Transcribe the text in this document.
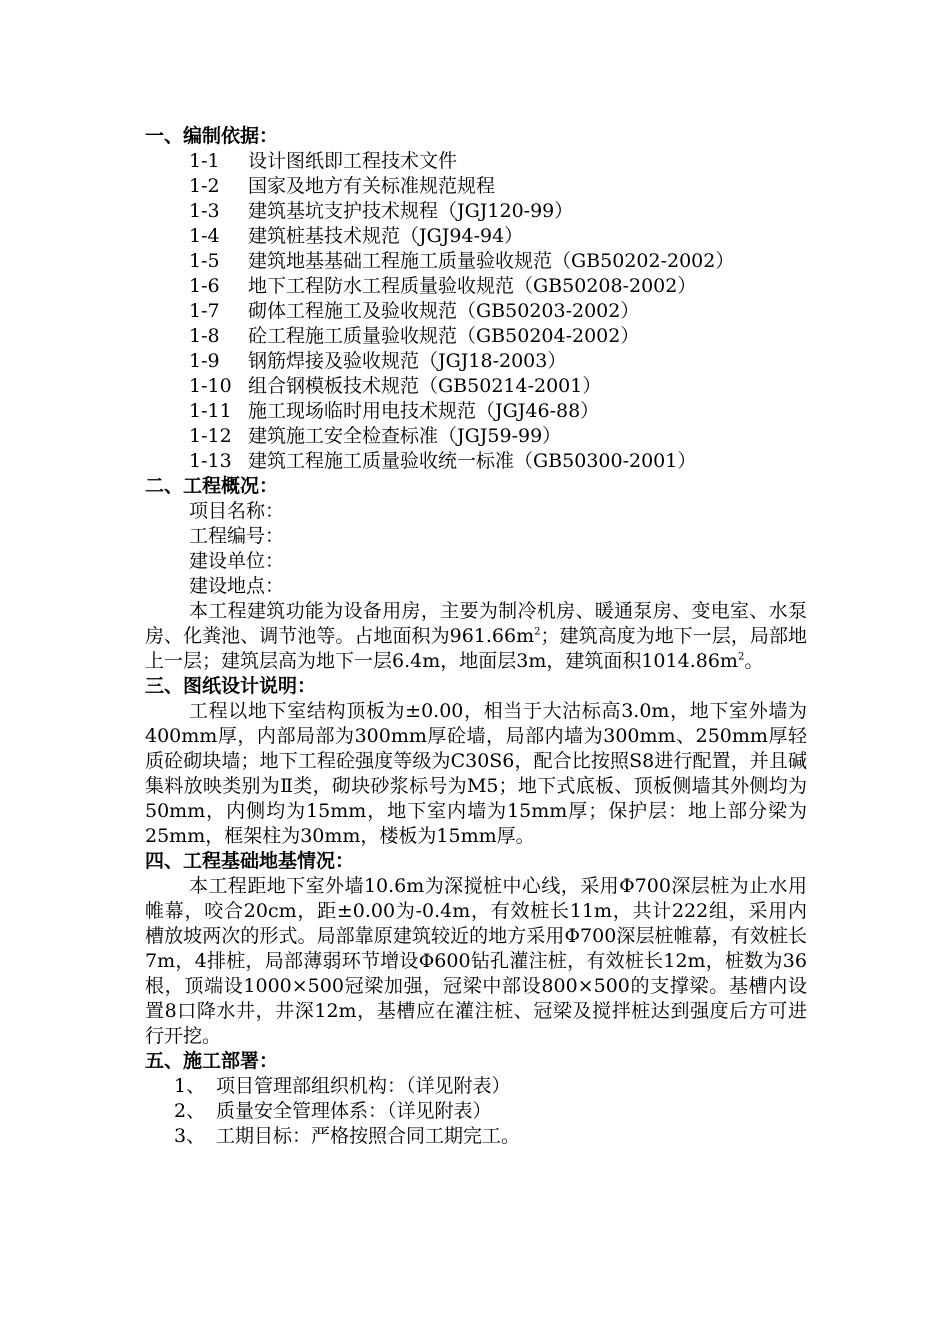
一、编制依据：
1-1 设计图纸即工程技术文件
1-2 国家及地方有关标准规范规程
1-3 建筑基坑支护技术规程（JGJ120-99）
1-4 建筑桩基技术规范（JGJ94-94）
1-5 建筑地基基础工程施工质量验收规范（GB50202-2002）
1-6 地下工程防水工程质量验收规范（GB50208-2002）
1-7 砌体工程施工及验收规范（GB50203-2002）
1-8 砼工程施工质量验收规范（GB50204-2002）
1-9 钢筋焊接及验收规范（JGJ18-2003）
1-10 组合钢模板技术规范（GB50214-2001）
1-11 施工现场临时用电技术规范（JGJ46-88）
1-12 建筑施工安全检查标准（JGJ59-99）
1-13 建筑工程施工质量验收统一标准（GB50300-2001）
二、工程概况：
项目名称：
工程编号：
建设单位：
建设地点：

本工程建筑功能为设备用房，主要为制冷机房、暖通泵房、变电室、水泵房、化粪池、调节池等。占地面积为$961.66m^2$；建筑高度为地下一层，局部地上一层；建筑层高为地下一层6.4m，地面层3m，建筑面积$1014.86m^2$。

三、图纸设计说明：

工程以地下室结构顶板为±0.00，相当于大沽标高3.0m，地下室外墙为400mm厚，内部局部为300mm厚砼墙，局部内墙为300mm、250mm厚轻质砼砌块墙；地下工程砼强度等级为C30S6，配合比按照S8进行配置，并且碱集料放映类别为Ⅱ类，砌块砂浆标号为M5；地下式底板、顶板侧墙其外侧均为50mm，内侧均为15mm，地下室内墙为15mm厚；保护层：地上部分梁为25mm，框架柱为30mm，楼板为15mm厚。

四、工程基础地基情况：

本工程距地下室外墙10.6m为深搅桩中心线，采用Φ700深层桩为止水用帷幕，咬合20cm，距±0.00为-0.4m，有效桩长11m，共计222组，采用内槽放坡两次的形式。局部靠原建筑较近的地方采用Φ700深层桩帷幕，有效桩长7m，4排桩，局部薄弱环节增设Φ600钻孔灌注桩，有效桩长12m，桩数为36根，顶端设1000×500冠梁加强，冠梁中部设800×500的支撑梁。基槽内设置8口降水井，井深12m，基槽应在灌注桩、冠梁及搅拌桩达到强度后方可进行开挖。

五、施工部署：
1、 项目管理部组织机构：（详见附表）
2、 质量安全管理体系：（详见附表）
3、 工期目标：严格按照合同工期完工。
